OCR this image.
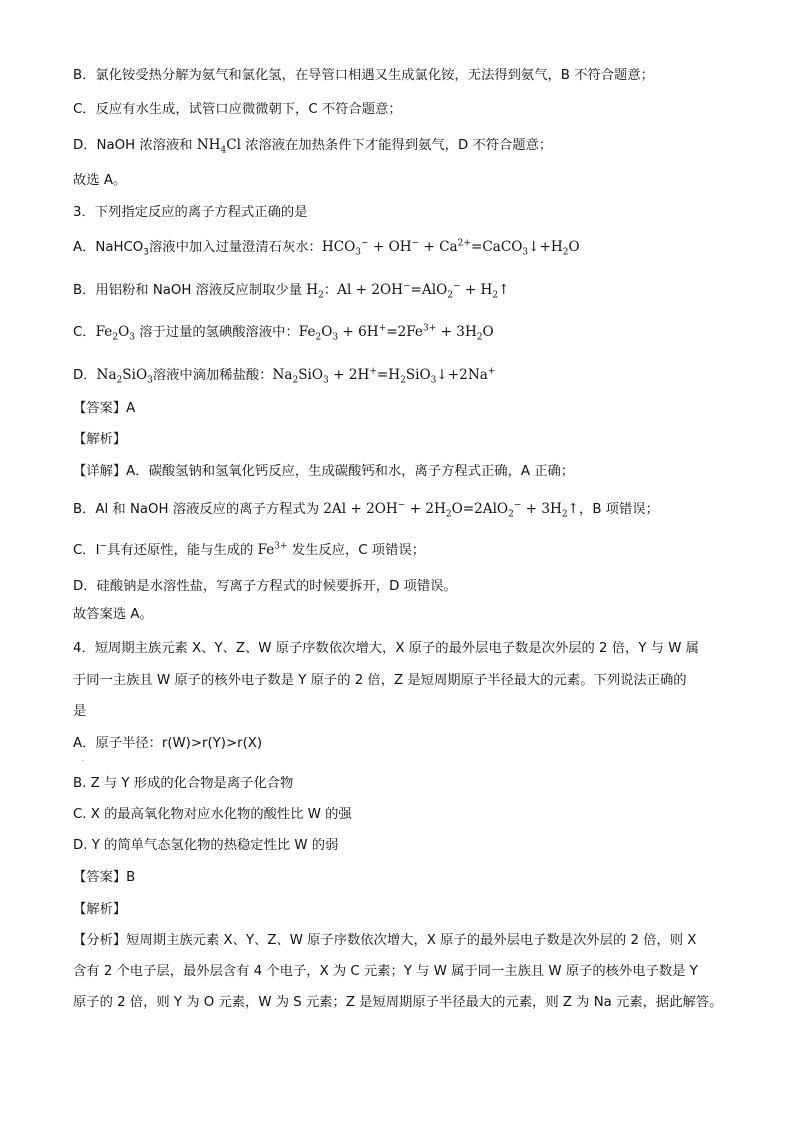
B．氯化铵受热分解为氨气和氯化氢，在导管口相遇又生成氯化铵，无法得到氨气，B 不符合题意；
C．反应有水生成，试管口应微微朝下，C 不符合题意；
D．NaOH 浓溶液和 $NH_4Cl$ 浓溶液在加热条件下才能得到氨气，D 不符合题意；
故选 A。
3．下列指定反应的离子方程式正确的是
A．NaHCO$_3$溶液中加入过量澄清石灰水：$HCO_3^- + OH^-$ + $Ca^{2+}=CaCO_3↓+H_2O$
B．用铝粉和 NaOH 溶液反应制取少量 $H_2$：$Al + 2OH^-=AlO_2^- + H_2↑$
C．$Fe_2O_3$ 溶于过量的氢碘酸溶液中：$Fe_2O_3 + 6H^+=2Fe^{3+} + 3H_2O$
D．$Na_2SiO_3$溶液中滴加稀盐酸：$Na_2SiO_3$ + $2H^+=H_2SiO_3↓+2Na^+$
【答案】A
【解析】
【详解】A．碳酸氢钠和氢氧化钙反应，生成碳酸钙和水，离子方程式正确，A 正确；
B．Al 和 NaOH 溶液反应的离子方程式为 $2Al + 2OH^- + 2H_2O=2AlO_2^-$ + $3H_2↑$，B 项错误；
C．I−具有还原性，能与生成的 $Fe^{3+}$ 发生反应，C 项错误；
D．硅酸钠是水溶性盐，写离子方程式的时候要拆开，D 项错误。
故答案选 A。
4．短周期主族元素 X、Y、Z、W 原子序数依次增大，X 原子的最外层电子数是次外层的 2 倍，Y 与 W 属
于同一主族且 W 原子的核外电子数是 Y 原子的 2 倍，Z 是短周期原子半径最大的元素。下列说法正确的
是
A．原子半径：r(W)>r(Y)>r(X)
·
B. Z 与 Y 形成的化合物是离子化合物
C. X 的最高氧化物对应水化物的酸性比 W 的强
D. Y 的简单气态氢化物的热稳定性比 W 的弱
【答案】B
【解析】
【分析】短周期主族元素 X、Y、Z、W 原子序数依次增大，X 原子的最外层电子数是次外层的 2 倍，则 X
含有 2 个电子层，最外层含有 4 个电子，X 为 C 元素；Y 与 W 属于同一主族且 W 原子的核外电子数是 Y
原子的 2 倍，则 Y 为 O 元素，W 为 S 元素；Z 是短周期原子半径最大的元素，则 Z 为 Na 元素，据此解答。
